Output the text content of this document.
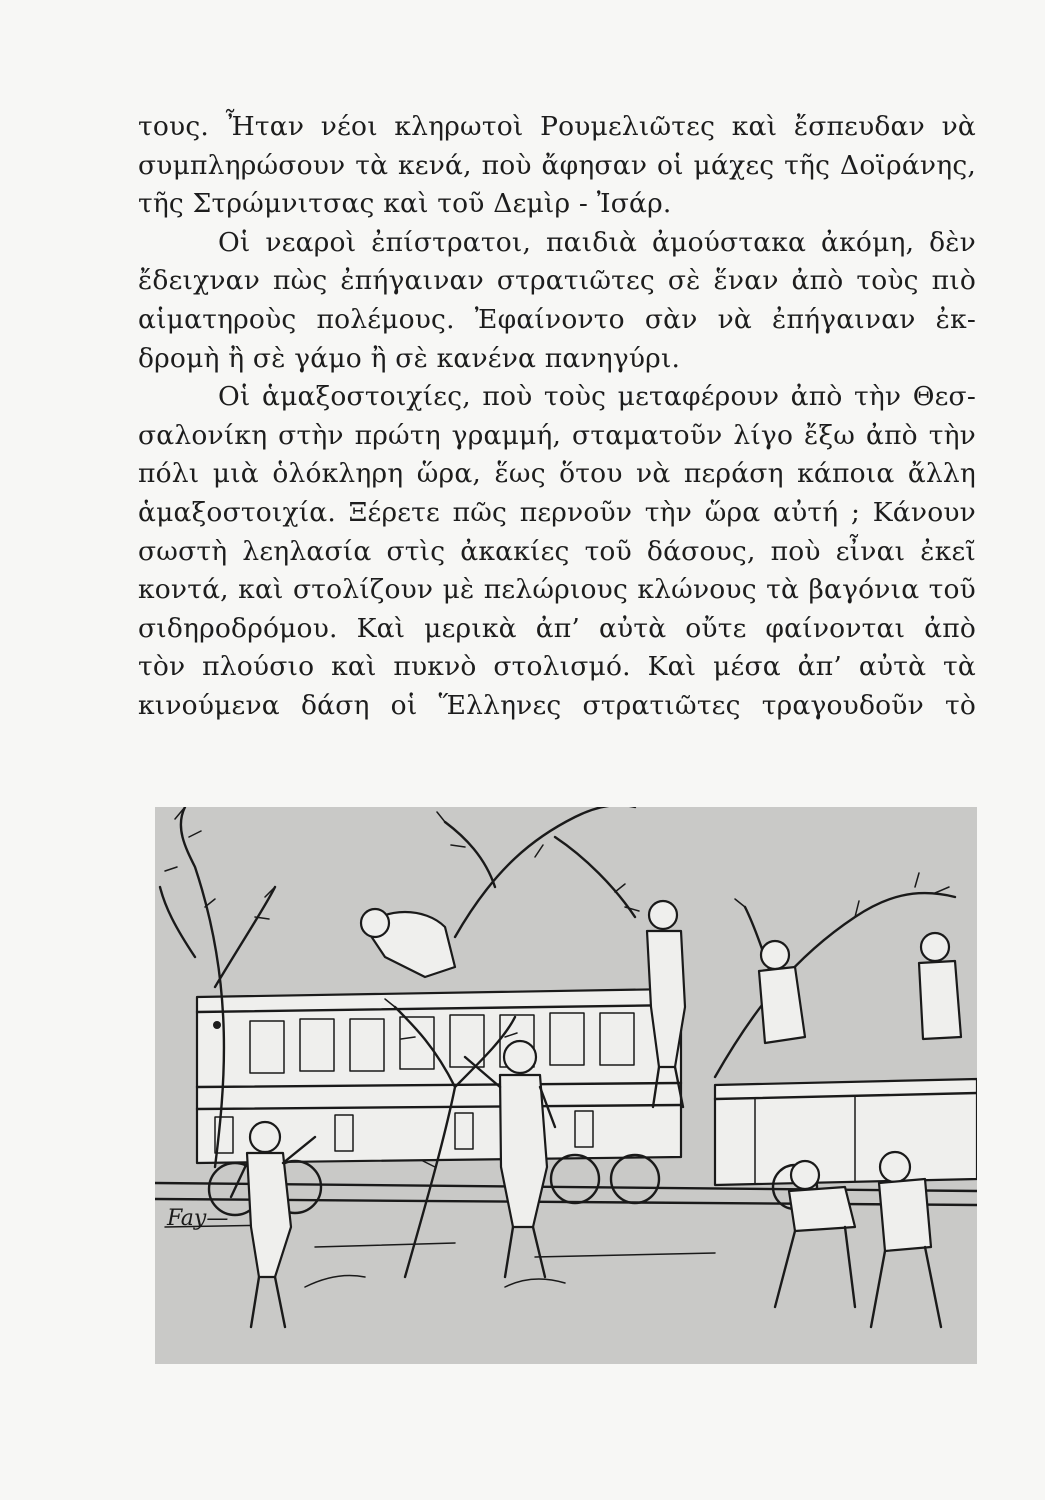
τους. Ἦταν νέοι κληρωτοὶ Ρουμελιῶτες καὶ ἔσπευδαν νὰ
συμπληρώσουν τὰ κενά, ποὺ ἄφησαν οἱ μάχες τῆς Δοϊράνης,
τῆς Στρώμνιτσας καὶ τοῦ Δεμὶρ - Ἰσάρ.

Οἱ νεαροὶ ἐπίστρατοι, παιδιὰ ἀμούστακα ἀκόμη, δὲν
ἔδειχναν πὼς ἐπήγαιναν στρατιῶτες σὲ ἕναν ἀπὸ τοὺς πιὸ
αἱματηροὺς πολέμους. Ἐφαίνοντο σὰν νὰ ἐπήγαιναν ἐκ-
δρομὴ ἢ σὲ γάμο ἢ σὲ κανένα πανηγύρι.

Οἱ ἁμαξοστοιχίες, ποὺ τοὺς μεταφέρουν ἀπὸ τὴν Θεσ-
σαλονίκη στὴν πρώτη γραμμή, σταματοῦν λίγο ἔξω ἀπὸ τὴν
πόλι μιὰ ὁλόκληρη ὥρα, ἕως ὅτου νὰ περάση κάποια ἄλλη
ἁμαξοστοιχία. Ξέρετε πῶς περνοῦν τὴν ὥρα αὐτή ; Κάνουν
σωστὴ λεηλασία στὶς ἀκακίες τοῦ δάσους, ποὺ εἶναι ἐκεῖ
κοντά, καὶ στολίζουν μὲ πελώριους κλώνους τὰ βαγόνια τοῦ
σιδηροδρόμου. Καὶ μερικὰ ἀπ’ αὐτὰ οὔτε φαίνονται ἀπὸ
τὸν πλούσιο καὶ πυκνὸ στολισμό. Καὶ μέσα ἀπ’ αὐτὰ τὰ
κινούμενα δάση οἱ Ἕλληνες στρατιῶτες τραγουδοῦν τὸ

Fay—
